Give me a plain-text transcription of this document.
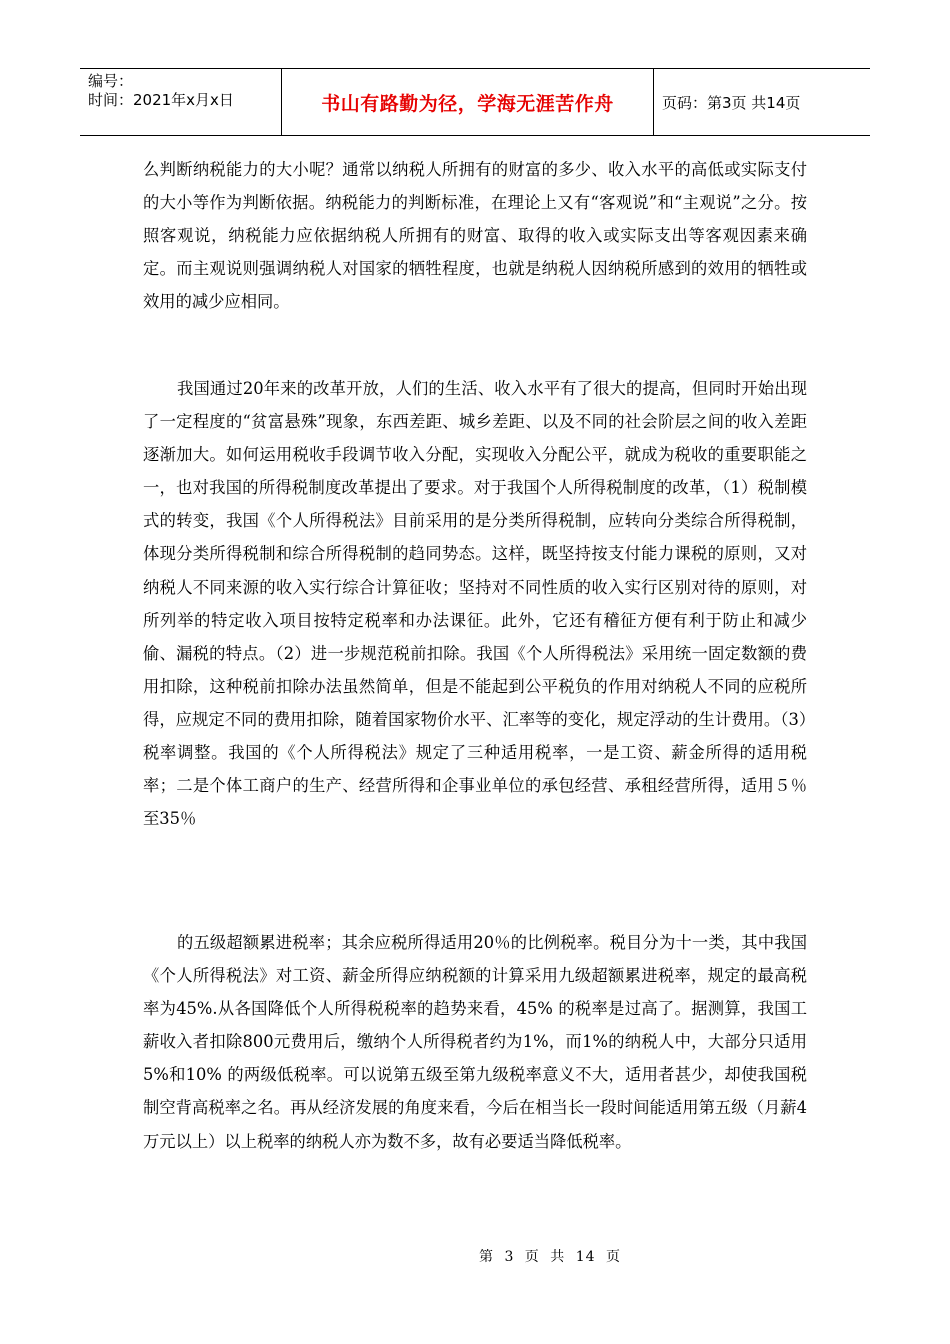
编号：
时间：2021年x月x日	书山有路勤为径，学海无涯苦作舟	页码：第3页 共14页
么判断纳税能力的大小呢？通常以纳税人所拥有的财富的多少、收入水平的高低或实际支付的大小等作为判断依据。纳税能力的判断标准，在理论上又有“客观说”和“主观说”之分。按照客观说，纳税能力应依据纳税人所拥有的财富、取得的收入或实际支出等客观因素来确定。而主观说则强调纳税人对国家的牺牲程度，也就是纳税人因纳税所感到的效用的牺牲或效用的减少应相同。
我国通过20年来的改革开放，人们的生活、收入水平有了很大的提高，但同时开始出现了一定程度的“贫富悬殊”现象，东西差距、城乡差距、以及不同的社会阶层之间的收入差距逐渐加大。如何运用税收手段调节收入分配，实现收入分配公平，就成为税收的重要职能之一，也对我国的所得税制度改革提出了要求。对于我国个人所得税制度的改革，（1）税制模式的转变，我国《个人所得税法》目前采用的是分类所得税制，应转向分类综合所得税制，体现分类所得税制和综合所得税制的趋同势态。这样，既坚持按支付能力课税的原则，又对纳税人不同来源的收入实行综合计算征收；坚持对不同性质的收入实行区别对待的原则，对所列举的特定收入项目按特定税率和办法课征。此外，它还有稽征方便有利于防止和减少偷、漏税的特点。（2）进一步规范税前扣除。我国《个人所得税法》采用统一固定数额的费用扣除，这种税前扣除办法虽然简单，但是不能起到公平税负的作用对纳税人不同的应税所得，应规定不同的费用扣除，随着国家物价水平、汇率等的变化，规定浮动的生计费用。（3）税率调整。我国的《个人所得税法》规定了三种适用税率，一是工资、薪金所得的适用税率；二是个体工商户的生产、经营所得和企事业单位的承包经营、承租经营所得，适用５％至35％
的五级超额累进税率；其余应税所得适用20％的比例税率。税目分为十一类，其中我国《个人所得税法》对工资、薪金所得应纳税额的计算采用九级超额累进税率，规定的最高税率为45%.从各国降低个人所得税税率的趋势来看，45% 的税率是过高了。据测算，我国工薪收入者扣除800元费用后，缴纳个人所得税者约为1%，而1%的纳税人中，大部分只适用5%和10% 的两级低税率。可以说第五级至第九级税率意义不大，适用者甚少，却使我国税制空背高税率之名。再从经济发展的角度来看，今后在相当长一段时间能适用第五级（月薪4万元以上）以上税率的纳税人亦为数不多，故有必要适当降低税率。
第 3 页 共 14 页
